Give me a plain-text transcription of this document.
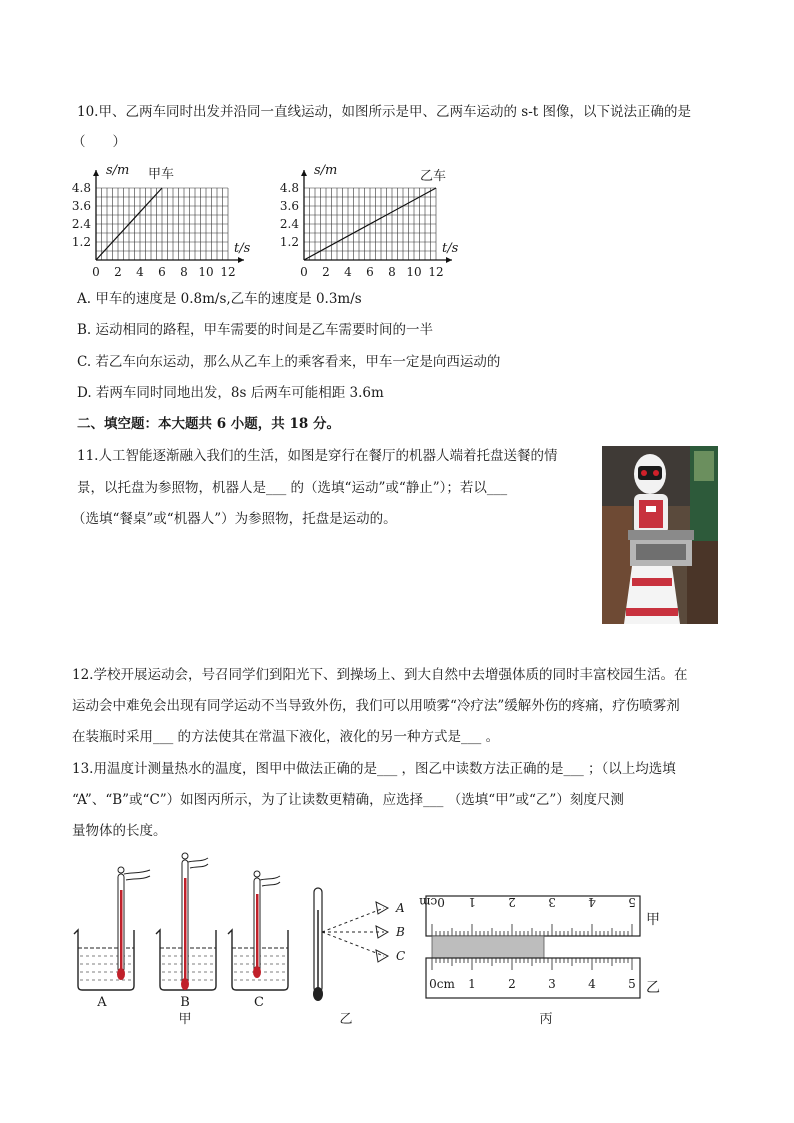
10.甲、乙两车同时出发并沿同一直线运动，如图所示是甲、乙两车运动的 s-t 图像，以下说法正确的是
（　　）
4.8
3.6
2.4
1.2
0 2 4 6 8 10 12
s/m
t/s
甲车
4.8
3.6
2.4
1.2
0 2 4 6 8 10 12
s/m
t/s
乙车
A. 甲车的速度是 0.8m/s,乙车的速度是 0.3m/s
B. 运动相同的路程，甲车需要的时间是乙车需要时间的一半
C. 若乙车向东运动，那么从乙车上的乘客看来，甲车一定是向西运动的
D. 若两车同时同地出发，8s 后两车可能相距 3.6m
二、填空题：本大题共 6 小题，共 18 分。
11.人工智能逐渐融入我们的生活，如图是穿行在餐厅的机器人端着托盘送餐的情
景，以托盘为参照物，机器人是___ 的（选填“运动”或“静止”）；若以___
（选填“餐桌”或“机器人”）为参照物，托盘是运动的。
12.学校开展运动会，号召同学们到阳光下、到操场上、到大自然中去增强体质的同时丰富校园生活。在
运动会中难免会出现有同学运动不当导致外伤，我们可以用喷雾“冷疗法”缓解外伤的疼痛，疗伤喷雾剂
在装瓶时采用___ 的方法使其在常温下液化，液化的另一种方式是___ 。
13.用温度计测量热水的温度，图甲中做法正确的是___ ，图乙中读数方法正确的是___ ；（以上均选填
“A”、“B”或“C”）如图丙所示，为了让读数更精确，应选择___ （选填“甲”或“乙”）刻度尺测
量物体的长度。
A	B	C
甲
A
B
C
乙
0cm 1	2	3	4	5
0cm 1	2	3	4	5
甲
乙
丙
